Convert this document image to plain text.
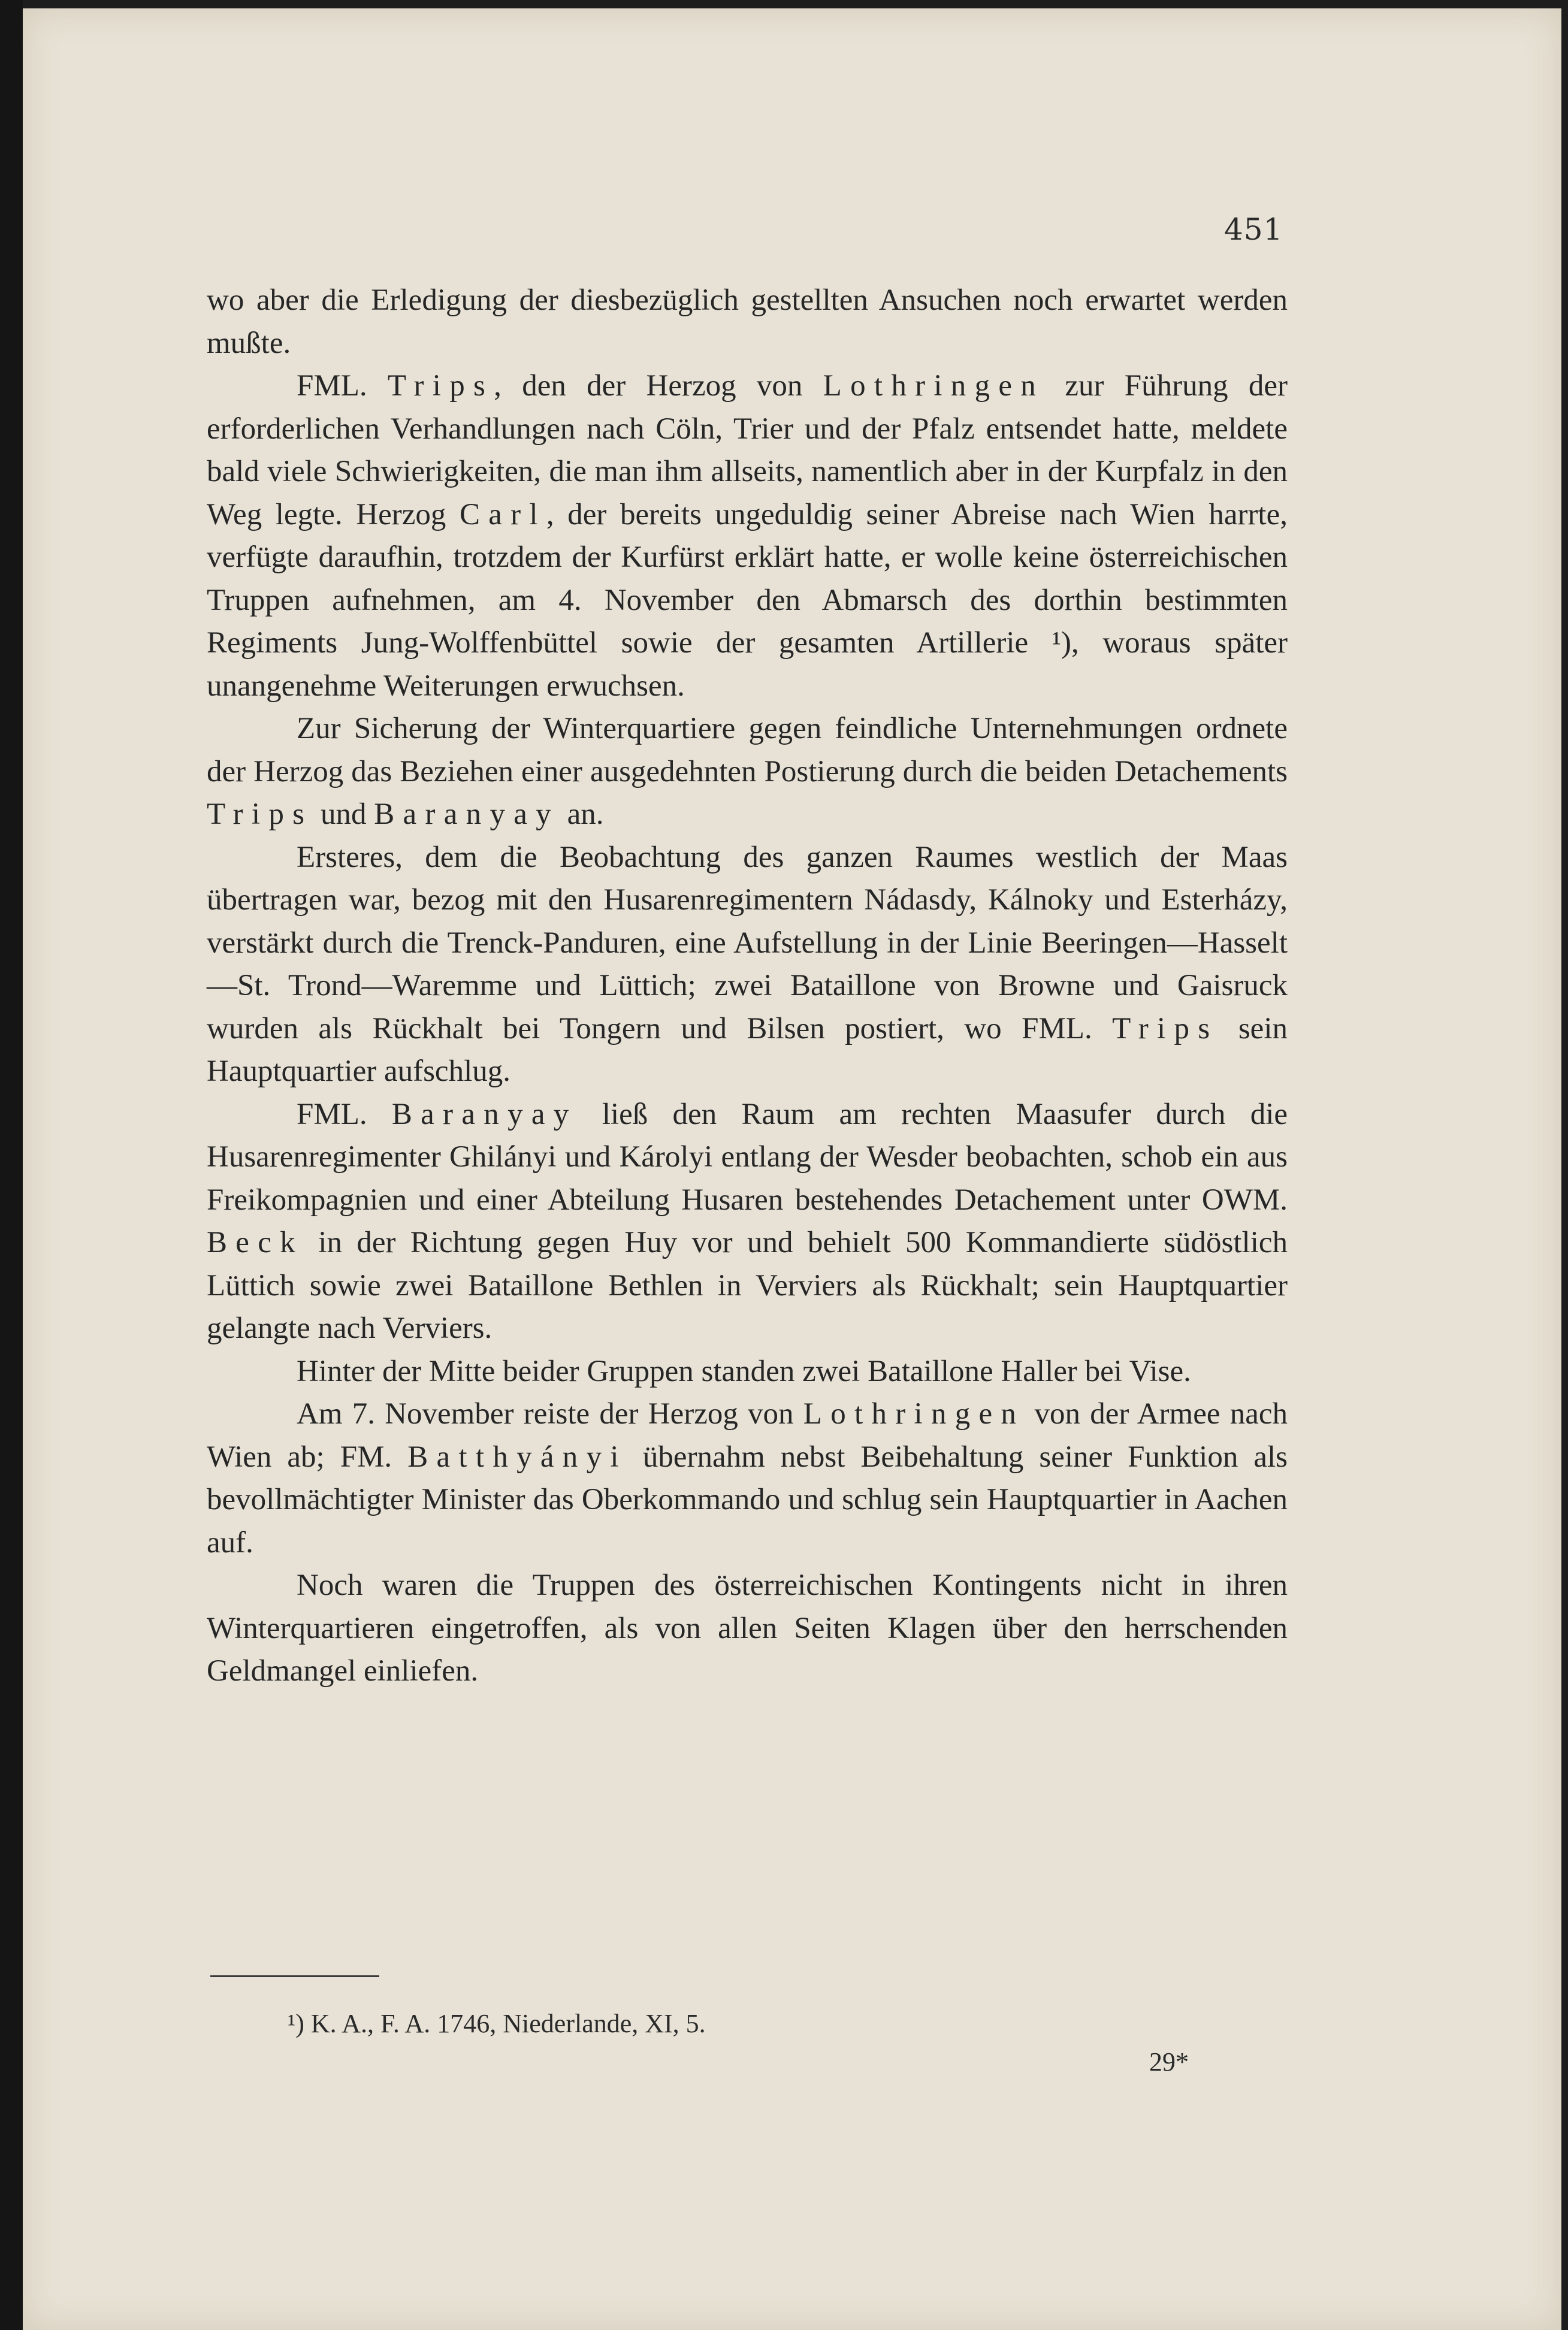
451

wo aber die Erledigung der diesbezüglich gestellten Ansuchen noch erwartet werden mußte.

FML. Trips, den der Herzog von Lothringen zur Führung der erforderlichen Verhandlungen nach Cöln, Trier und der Pfalz entsendet hatte, meldete bald viele Schwierigkeiten, die man ihm allseits, namentlich aber in der Kurpfalz in den Weg legte. Herzog Carl, der bereits ungeduldig seiner Abreise nach Wien harrte, verfügte daraufhin, trotzdem der Kurfürst erklärt hatte, er wolle keine österreichischen Truppen aufnehmen, am 4. November den Abmarsch des dorthin bestimmten Regiments Jung-Wolffenbüttel sowie der gesamten Artillerie ¹), woraus später unangenehme Weiterungen erwuchsen.

Zur Sicherung der Winterquartiere gegen feindliche Unternehmungen ordnete der Herzog das Beziehen einer ausgedehnten Postierung durch die beiden Detachements Trips und Baranyay an.

Ersteres, dem die Beobachtung des ganzen Raumes westlich der Maas übertragen war, bezog mit den Husarenregimentern Nádasdy, Kálnoky und Esterházy, verstärkt durch die Trenck-Panduren, eine Aufstellung in der Linie Beeringen—Hasselt—St. Trond—Waremme und Lüttich; zwei Bataillone von Browne und Gaisruck wurden als Rückhalt bei Tongern und Bilsen postiert, wo FML. Trips sein Hauptquartier aufschlug.

FML. Baranyay ließ den Raum am rechten Maasufer durch die Husarenregimenter Ghilányi und Károlyi entlang der Wesder beobachten, schob ein aus Freikompagnien und einer Abteilung Husaren bestehendes Detachement unter OWM. Beck in der Richtung gegen Huy vor und behielt 500 Kommandierte südöstlich Lüttich sowie zwei Bataillone Bethlen in Verviers als Rückhalt; sein Hauptquartier gelangte nach Verviers.

Hinter der Mitte beider Gruppen standen zwei Bataillone Haller bei Vise.

Am 7. November reiste der Herzog von Lothringen von der Armee nach Wien ab; FM. Batthyányi übernahm nebst Beibehaltung seiner Funktion als bevollmächtigter Minister das Oberkommando und schlug sein Hauptquartier in Aachen auf.

Noch waren die Truppen des österreichischen Kontingents nicht in ihren Winterquartieren eingetroffen, als von allen Seiten Klagen über den herrschenden Geldmangel einliefen.

¹) K. A., F. A. 1746, Niederlande, XI, 5.
29*
